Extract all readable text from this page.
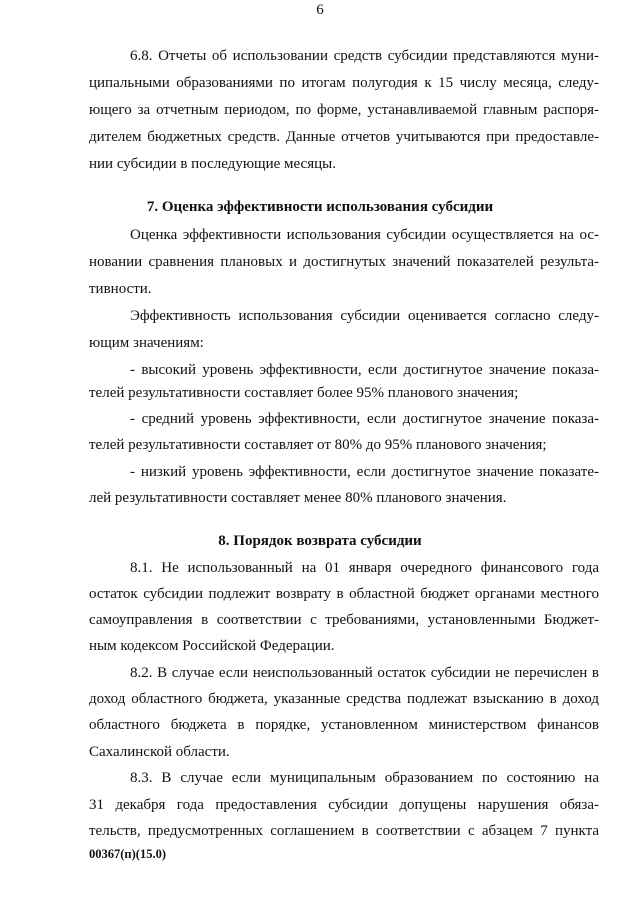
6
6.8. Отчеты об использовании средств субсидии представляются муни-
ципальными образованиями по итогам полугодия к 15 числу месяца, следу-
ющего за отчетным периодом, по форме, устанавливаемой главным распоря-
дителем бюджетных средств. Данные отчетов учитываются при предоставле-
нии субсидии в последующие месяцы.
7. Оценка эффективности использования субсидии
Оценка эффективности использования субсидии осуществляется на ос-
новании сравнения плановых и достигнутых значений показателей результа-
тивности.
Эффективность использования субсидии оценивается согласно следу-
ющим значениям:
- высокий уровень эффективности, если достигнутое значение показа-
телей результативности составляет более 95% планового значения;
- средний уровень эффективности, если достигнутое значение показа-
телей результативности составляет от 80% до 95% планового значения;
- низкий уровень эффективности, если достигнутое значение показате-
лей результативности составляет менее 80% планового значения.
8. Порядок возврата субсидии
8.1. Не использованный на 01 января очередного финансового года
остаток субсидии подлежит возврату в областной бюджет органами местного
самоуправления в соответствии с требованиями, установленными Бюджет-
ным кодексом Российской Федерации.
8.2. В случае если неиспользованный остаток субсидии не перечислен в
доход областного бюджета, указанные средства подлежат взысканию в доход
областного бюджета в порядке, установленном министерством финансов
Сахалинской области.
8.3. В случае если муниципальным образованием по состоянию на
31 декабря года предоставления субсидии допущены нарушения обяза-
тельств, предусмотренных соглашением в соответствии с абзацем 7 пункта
00367(п)(15.0)
